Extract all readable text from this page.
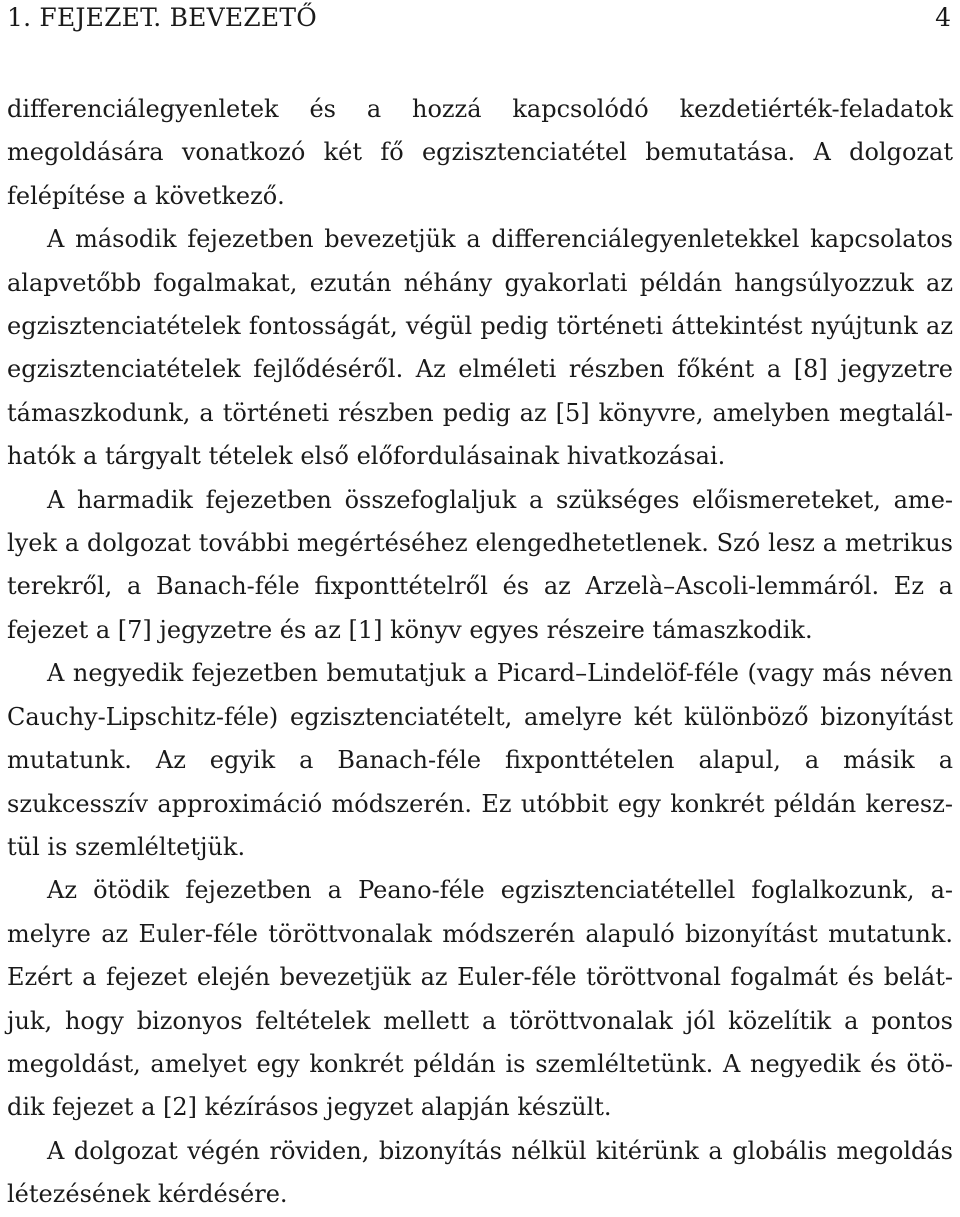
1. FEJEZET. BEVEZETŐ	4

differenciálegyenletek és a hozzá kapcsolódó kezdetiérték-feladatok megoldására vonatkozó két fő egzisztenciatétel bemutatása. A dolgozat felépítése a következő.

A második fejezetben bevezetjük a differenciálegyenletekkel kapcsolatos alapvetőbb fogalmakat, ezután néhány gyakorlati példán hangsúlyozzuk az egzisztenciatételek fontosságát, végül pedig történeti áttekintést nyújtunk az egzisztenciatételek fejlődéséről. Az elméleti részben főként a [8] jegyzetre támaszkodunk, a történeti részben pedig az [5] könyvre, amelyben megtalálhatók a tárgyalt tételek első előfordulásainak hivatkozásai.

A harmadik fejezetben összefoglaljuk a szükséges előismereteket, amelyek a dolgozat további megértéséhez elengedhetetlenek. Szó lesz a metrikus terekről, a Banach-féle fixponttételről és az Arzelà–Ascoli-lemmáról. Ez a fejezet a [7] jegyzetre és az [1] könyv egyes részeire támaszkodik.

A negyedik fejezetben bemutatjuk a Picard–Lindelöf-féle (vagy más néven Cauchy-Lipschitz-féle) egzisztenciatételt, amelyre két különböző bizonyítást mutatunk. Az egyik a Banach-féle fixponttételen alapul, a másik a szukcesszív approximáció módszerén. Ez utóbbit egy konkrét példán keresztül is szemléltetjük.

Az ötödik fejezetben a Peano-féle egzisztenciatétellel foglalkozunk, amelyre az Euler-féle töröttvonalak módszerén alapuló bizonyítást mutatunk. Ezért a fejezet elején bevezetjük az Euler-féle töröttvonal fogalmát és belátjuk, hogy bizonyos feltételek mellett a töröttvonalak jól közelítik a pontos megoldást, amelyet egy konkrét példán is szemléltetünk. A negyedik és ötödik fejezet a [2] kézírásos jegyzet alapján készült.

A dolgozat végén röviden, bizonyítás nélkül kitérünk a globális megoldás létezésének kérdésére.
